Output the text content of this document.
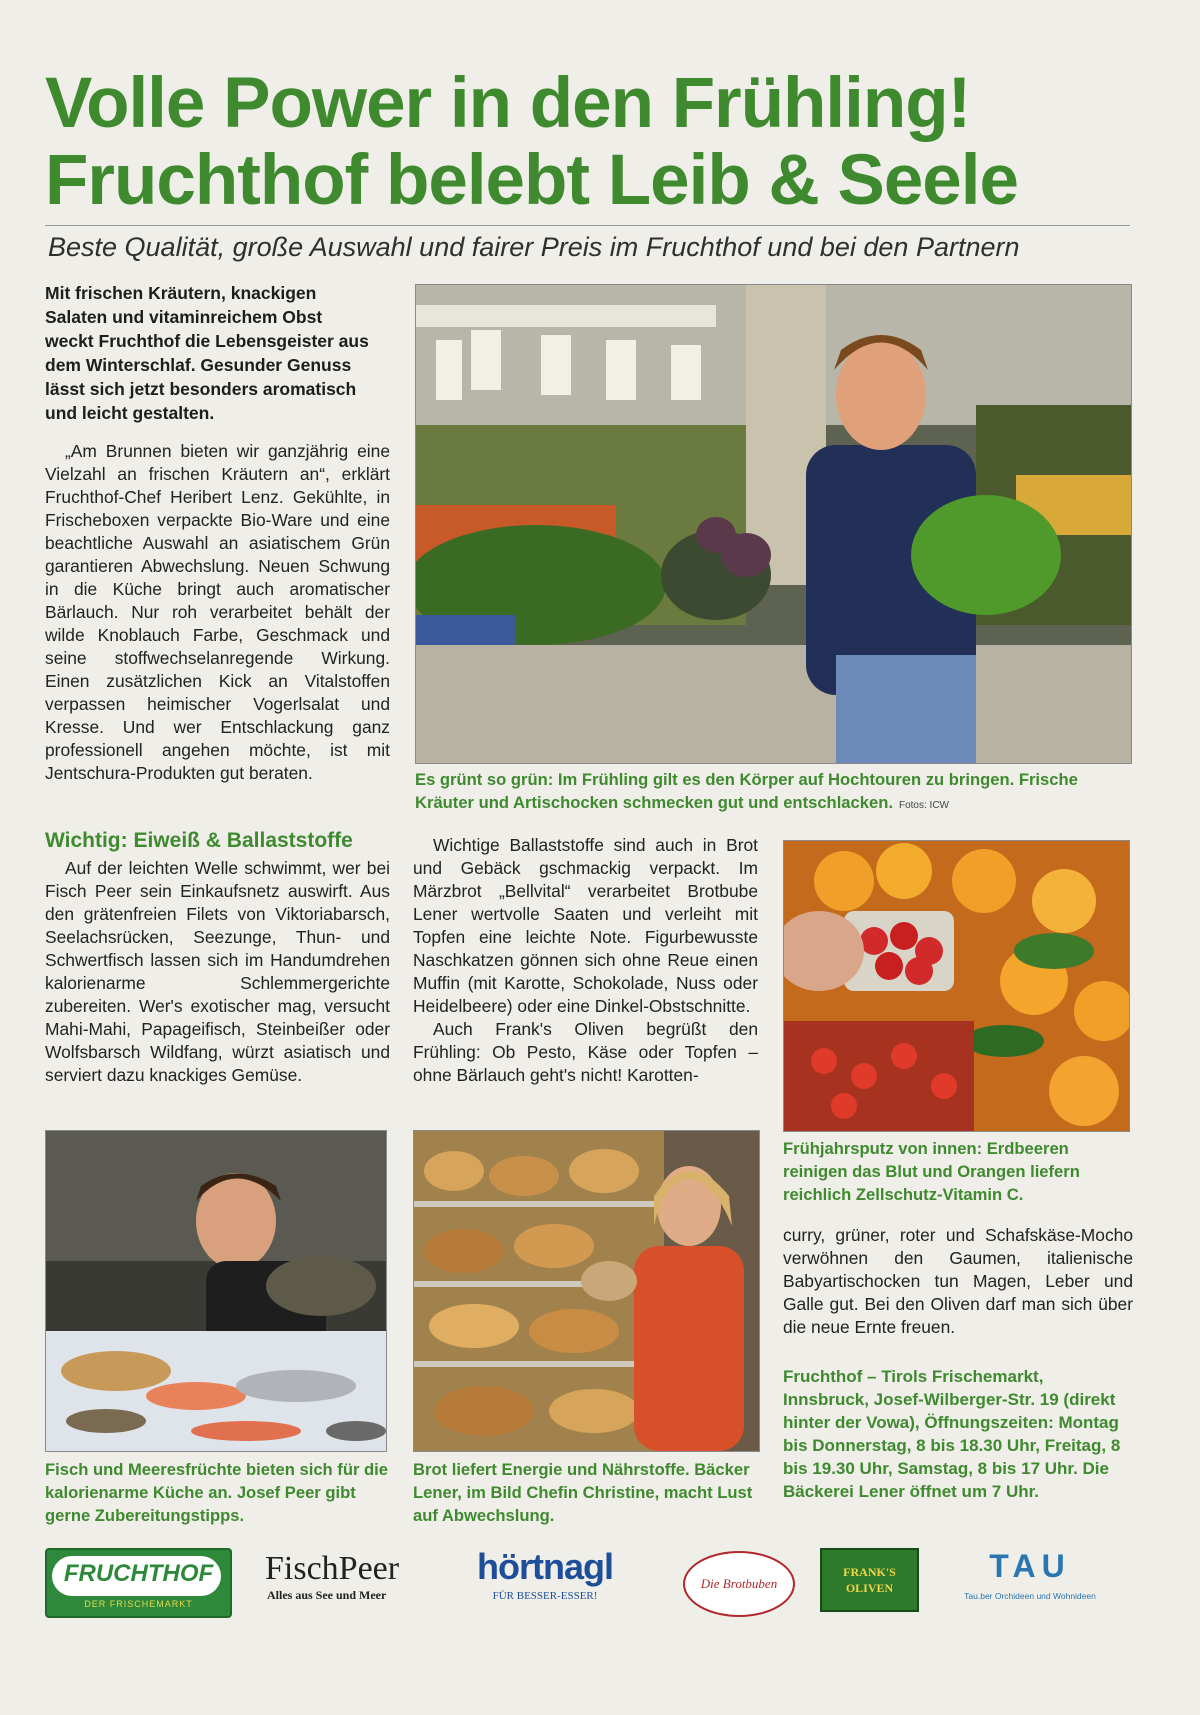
Volle Power in den Frühling!
Fruchthof belebt Leib & Seele
Beste Qualität, große Auswahl und fairer Preis im Fruchthof und bei den Partnern
Mit frischen Kräutern, knackigen Salaten und vitaminreichem Obst weckt Fruchthof die Lebensgeister aus dem Winterschlaf. Gesunder Genuss lässt sich jetzt besonders aromatisch und leicht gestalten.

„Am Brunnen bieten wir ganzjährig eine Vielzahl an frischen Kräutern an“, erklärt Fruchthof-Chef Heribert Lenz. Gekühlte, in Frischeboxen verpackte Bio-Ware und eine beachtliche Auswahl an asiatischem Grün garantieren Abwechslung. Neuen Schwung in die Küche bringt auch aromatischer Bärlauch. Nur roh verarbeitet behält der wilde Knoblauch Farbe, Geschmack und seine stoffwechselanregende Wirkung. Einen zusätzlichen Kick an Vitalstoffen verpassen heimischer Vogerlsalat und Kresse. Und wer Entschlackung ganz professionell angehen möchte, ist mit Jentschura-Produkten gut beraten.	Es grünt so grün: Im Frühling gilt es den Körper auf Hochtouren zu bringen. Frische Kräuter und Artischocken schmecken gut und entschlacken. Fotos: ICW
Wichtig: Eiweiß & Ballaststoffe

Auf der leichten Welle schwimmt, wer bei Fisch Peer sein Einkaufsnetz auswirft. Aus den grätenfreien Filets von Viktoriabarsch, Seelachsrücken, Seezunge, Thun- und Schwertfisch lassen sich im Handumdrehen kalorienarme Schlemmergerichte zubereiten. Wer's exotischer mag, versucht Mahi-Mahi, Papageifisch, Steinbeißer oder Wolfsbarsch Wildfang, würzt asiatisch und serviert dazu knackiges Gemüse.

Wichtige Ballaststoffe sind auch in Brot und Gebäck gschmackig verpackt. Im Märzbrot „Bellvital“ verarbeitet Brotbube Lener wertvolle Saaten und verleiht mit Topfen eine leichte Note. Figurbewusste Naschkatzen gönnen sich ohne Reue einen Muffin (mit Karotte, Schokolade, Nuss oder Heidelbeere) oder eine Dinkel-Obstschnitte.

Auch Frank's Oliven begrüßt den Frühling: Ob Pesto, Käse oder Topfen – ohne Bärlauch geht's nicht! Karotten-

Frühjahrsputz von innen: Erdbeeren reinigen das Blut und Orangen liefern reichlich Zellschutz-Vitamin C.

curry, grüner, roter und Schafskäse-Mocho verwöhnen den Gaumen, italienische Babyartischocken tun Magen, Leber und Galle gut. Bei den Oliven darf man sich über die neue Ernte freuen.

Fruchthof – Tirols Frischemarkt, Innsbruck, Josef-Wilberger-Str. 19 (direkt hinter der Vowa), Öffnungszeiten: Montag bis Donnerstag, 8 bis 18.30 Uhr, Freitag, 8 bis 19.30 Uhr, Samstag, 8 bis 17 Uhr. Die Bäckerei Lener öffnet um 7 Uhr.
Fisch und Meeresfrüchte bieten sich für die kalorienarme Küche an. Josef Peer gibt gerne Zubereitungstipps.
Brot liefert Energie und Nährstoffe. Bäcker Lener, im Bild Chefin Christine, macht Lust auf Abwechslung.
FRUCHTHOF
DER FRISCHEMARKT
FischPeer
Alles aus See und Meer
hörtnagl
FÜR BESSER-ESSER!
Die Brotbuben
FRANK'S OLIVEN
TAU
Tau.ber Orchideen und Wohnideen
